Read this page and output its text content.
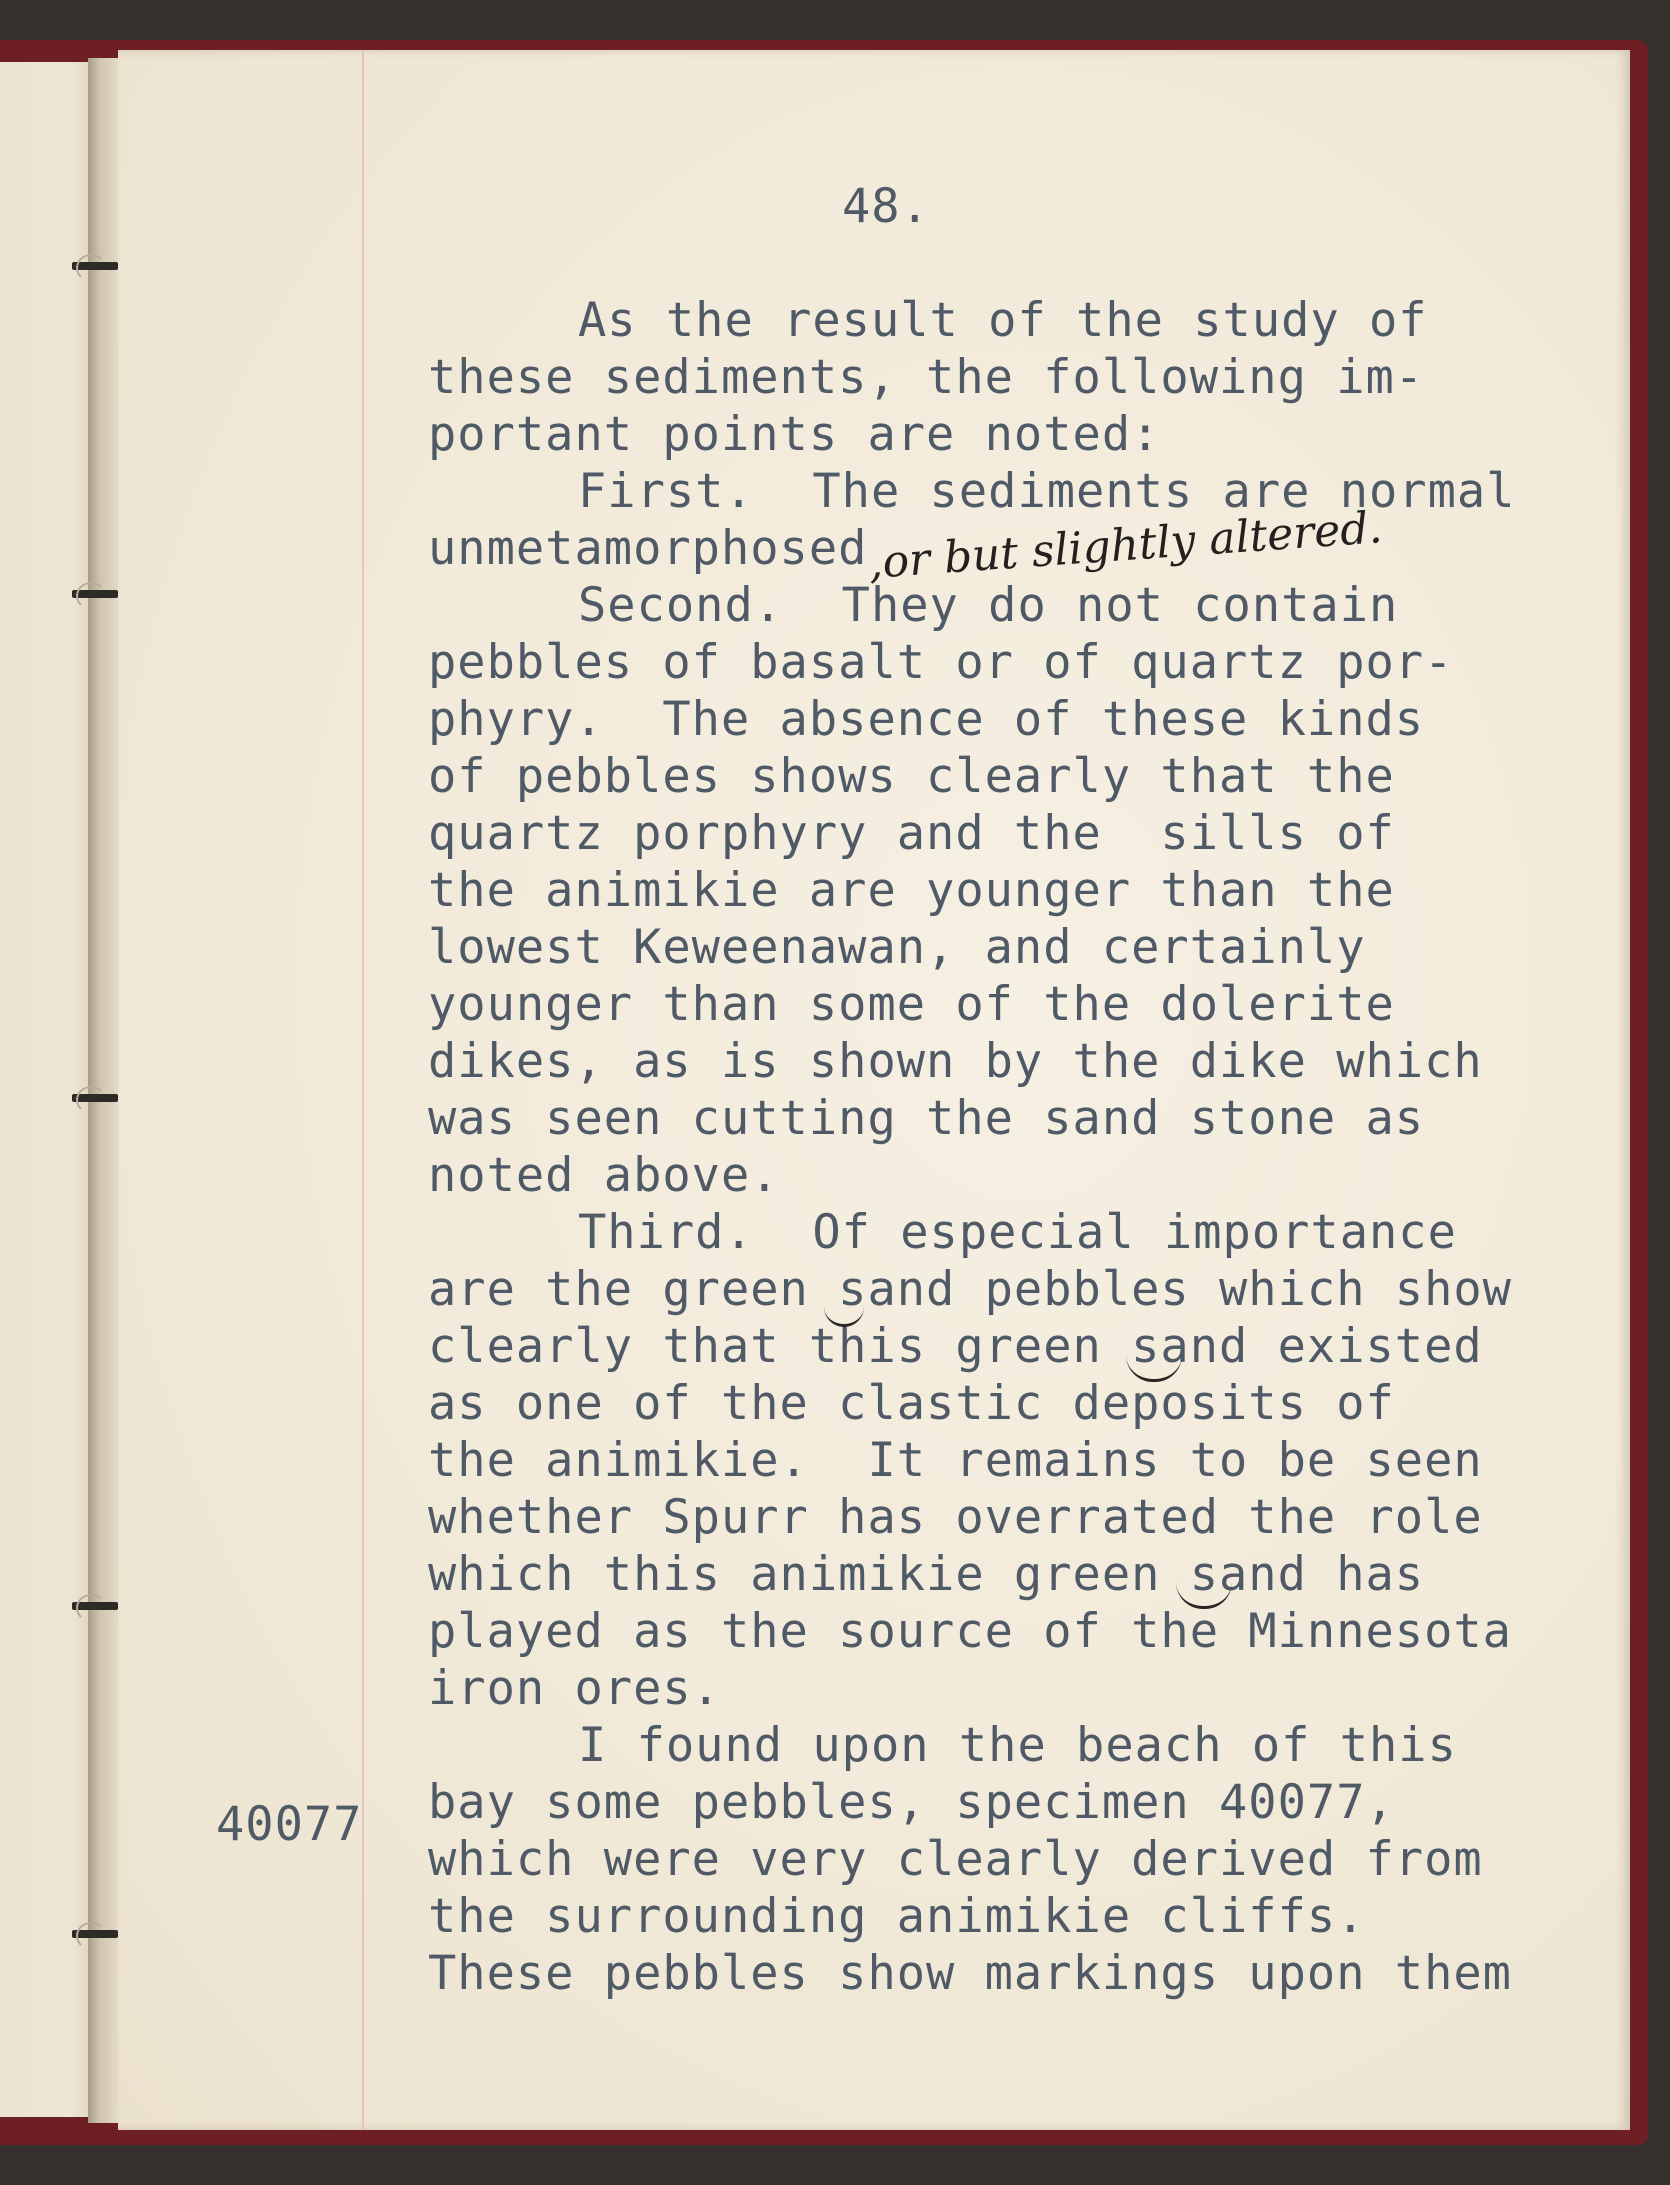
48.
As the result of the study of
these sediments, the following im-
portant points are noted:
First.  The sediments are normal
unmetamorphosed
Second.  They do not contain
pebbles of basalt or of quartz por-
phyry.  The absence of these kinds
of pebbles shows clearly that the
quartz porphyry and the  sills of
the animikie are younger than the
lowest Keweenawan, and certainly
younger than some of the dolerite
dikes, as is shown by the dike which
was seen cutting the sand stone as
noted above.
Third.  Of especial importance
are the green sand pebbles which show
clearly that this green sand existed
as one of the clastic deposits of
the animikie.  It remains to be seen
whether Spurr has overrated the role
which this animikie green sand has
played as the source of the Minnesota
iron ores.
I found upon the beach of this
bay some pebbles, specimen 40077,
which were very clearly derived from
the surrounding animikie cliffs.
These pebbles show markings upon them
40077
,or but slightly altered.
